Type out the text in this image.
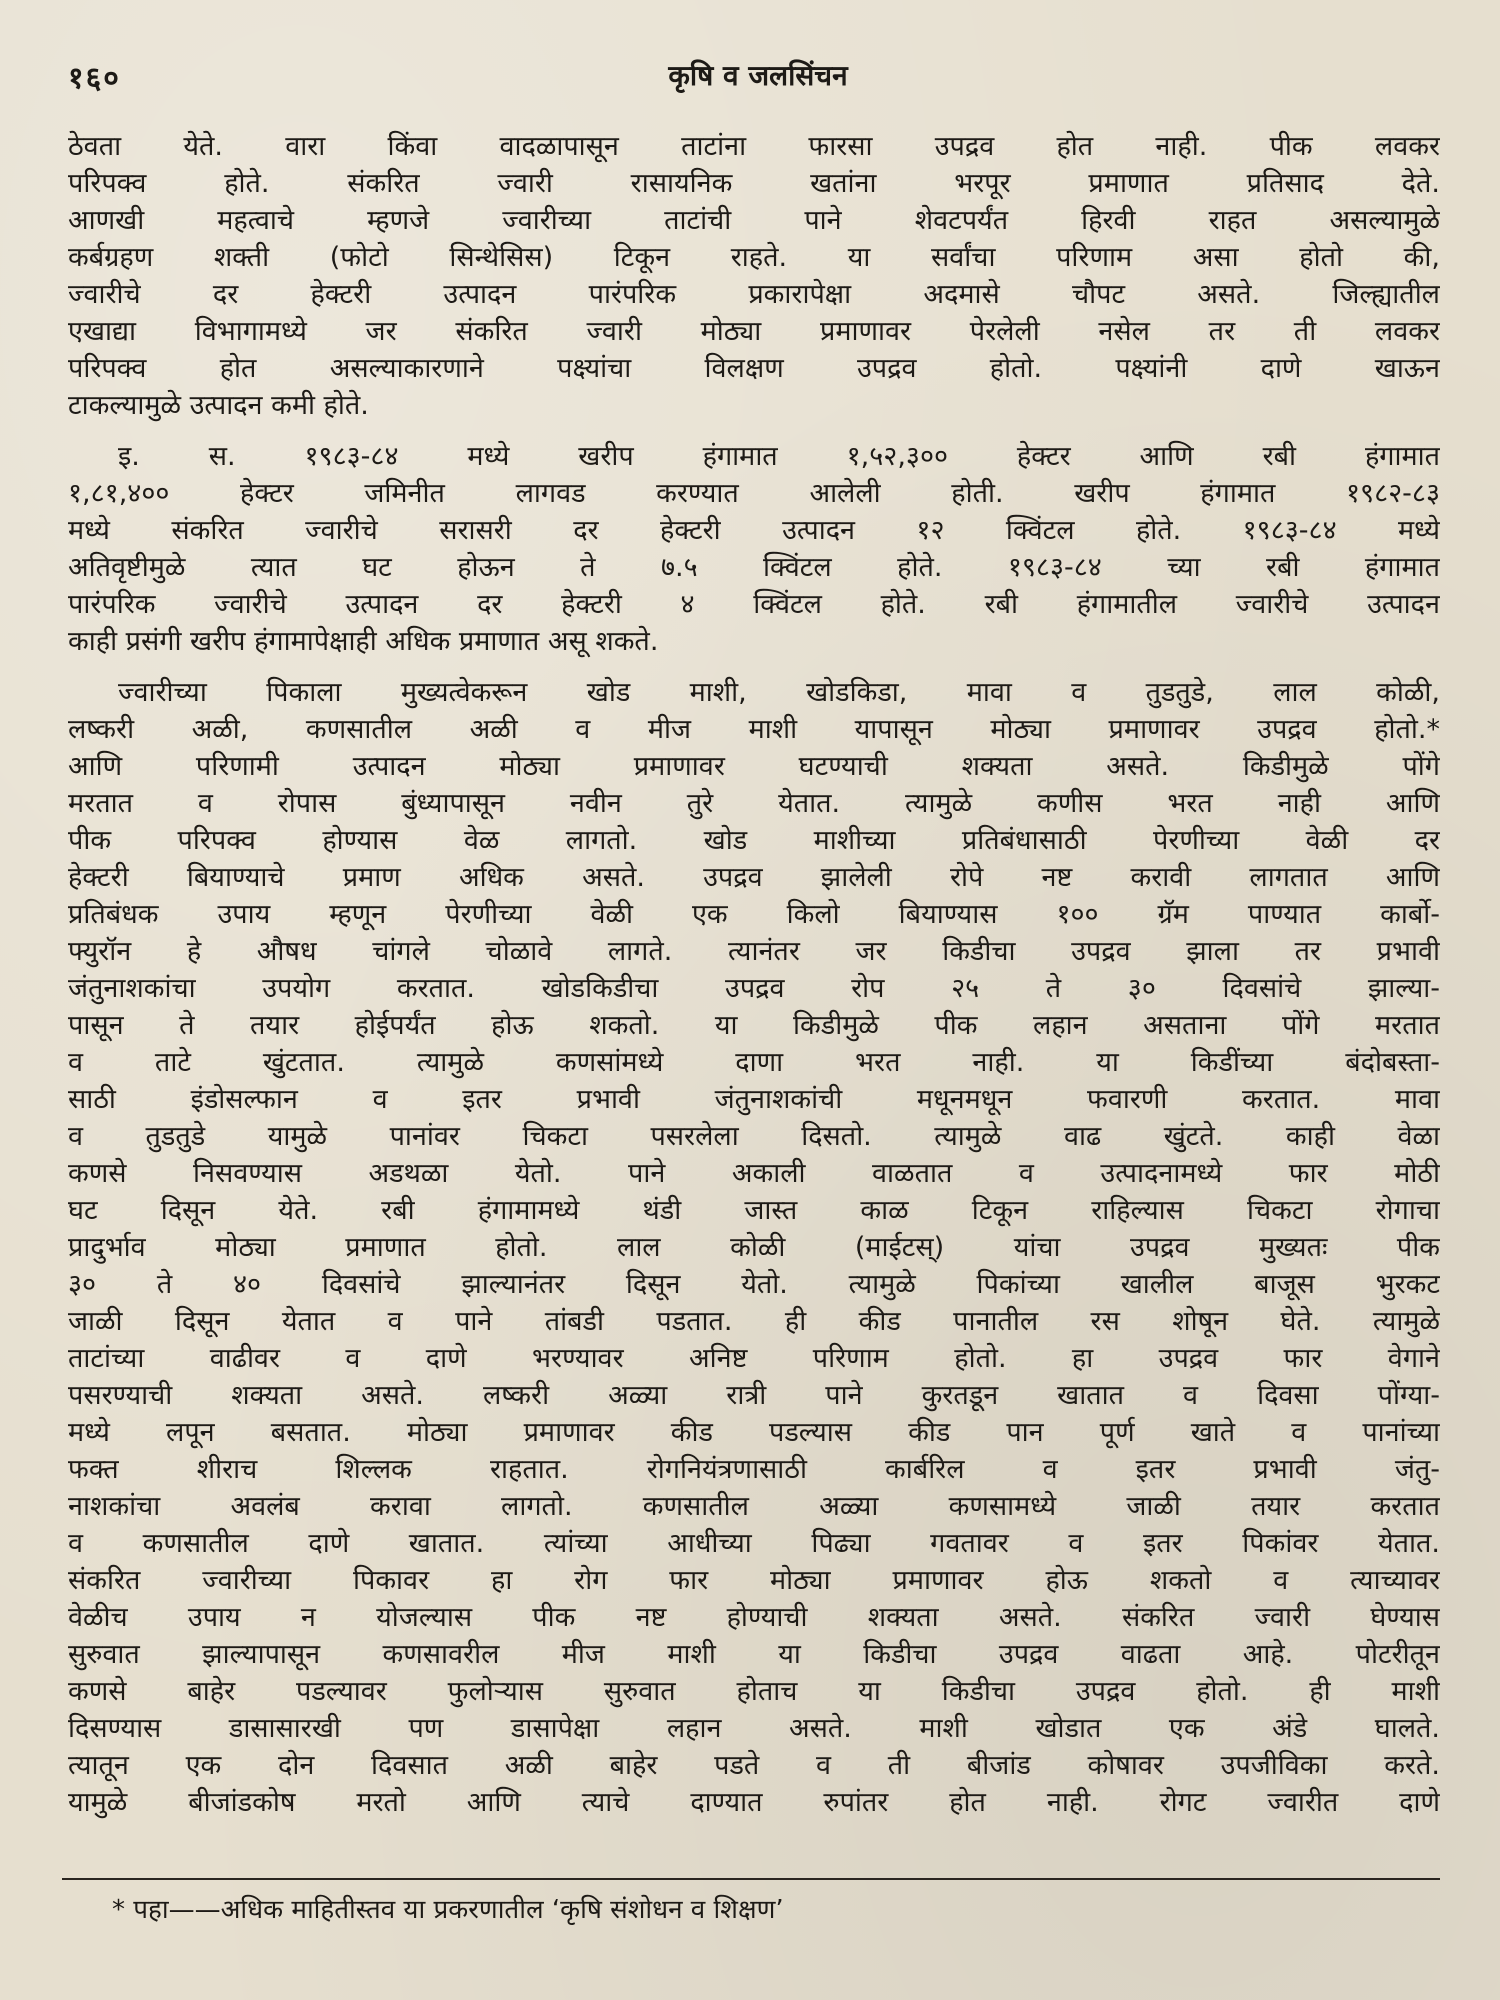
१६०	कृषि व जलसिंचन
ठेवता येते. वारा किंवा वादळापासून ताटांना फारसा उपद्रव होत नाही. पीक लवकर
परिपक्व होते. संकरित ज्वारी रासायनिक खतांना भरपूर प्रमाणात प्रतिसाद देते.
आणखी महत्वाचे म्हणजे ज्वारीच्या ताटांची पाने शेवटपर्यंत हिरवी राहत असल्यामुळे
कर्बग्रहण शक्ती (फोटो सिन्थेसिस) टिकून राहते. या सर्वांचा परिणाम असा होतो की,
ज्वारीचे दर हेक्टरी उत्पादन पारंपरिक प्रकारापेक्षा अदमासे चौपट असते. जिल्ह्यातील
एखाद्या विभागामध्ये जर संकरित ज्वारी मोठ्या प्रमाणावर पेरलेली नसेल तर ती लवकर
परिपक्व होत असल्याकारणाने पक्ष्यांचा विलक्षण उपद्रव होतो. पक्ष्यांनी दाणे खाऊन
टाकल्यामुळे उत्पादन कमी होते.
इ. स. १९८३-८४ मध्ये खरीप हंगामात १,५२,३०० हेक्टर आणि रबी हंगामात
१,८१,४०० हेक्टर जमिनीत लागवड करण्यात आलेली होती. खरीप हंगामात १९८२-८३
मध्ये संकरित ज्वारीचे सरासरी दर हेक्टरी उत्पादन १२ क्विंटल होते. १९८३-८४ मध्ये
अतिवृष्टीमुळे त्यात घट होऊन ते ७.५ क्विंटल होते. १९८३-८४ च्या रबी हंगामात
पारंपरिक ज्वारीचे उत्पादन दर हेक्टरी ४ क्विंटल होते. रबी हंगामातील ज्वारीचे उत्पादन
काही प्रसंगी खरीप हंगामापेक्षाही अधिक प्रमाणात असू शकते.
ज्वारीच्या पिकाला मुख्यत्वेकरून खोड माशी, खोडकिडा, मावा व तुडतुडे, लाल कोळी,
लष्करी अळी, कणसातील अळी व मीज माशी यापासून मोठ्या प्रमाणावर उपद्रव होतो.*
आणि परिणामी उत्पादन मोठ्या प्रमाणावर घटण्याची शक्यता असते. किडीमुळे पोंगे
मरतात व रोपास बुंध्यापासून नवीन तुरे येतात. त्यामुळे कणीस भरत नाही आणि
पीक परिपक्व होण्यास वेळ लागतो. खोड माशीच्या प्रतिबंधासाठी पेरणीच्या वेळी दर
हेक्टरी बियाण्याचे प्रमाण अधिक असते. उपद्रव झालेली रोपे नष्ट करावी लागतात आणि
प्रतिबंधक उपाय म्हणून पेरणीच्या वेळी एक किलो बियाण्यास १०० ग्रॅम पाण्यात कार्बो-
फ्युरॉन हे औषध चांगले चोळावे लागते. त्यानंतर जर किडीचा उपद्रव झाला तर प्रभावी
जंतुनाशकांचा उपयोग करतात. खोडकिडीचा उपद्रव रोप २५ ते ३० दिवसांचे झाल्या-
पासून ते तयार होईपर्यंत होऊ शकतो. या किडीमुळे पीक लहान असताना पोंगे मरतात
व ताटे खुंटतात. त्यामुळे कणसांमध्ये दाणा भरत नाही. या किडींच्या बंदोबस्ता-
साठी इंडोसल्फान व इतर प्रभावी जंतुनाशकांची मधूनमधून फवारणी करतात. मावा
व तुडतुडे यामुळे पानांवर चिकटा पसरलेला दिसतो. त्यामुळे वाढ खुंटते. काही वेळा
कणसे निसवण्यास अडथळा येतो. पाने अकाली वाळतात व उत्पादनामध्ये फार मोठी
घट दिसून येते. रबी हंगामामध्ये थंडी जास्त काळ टिकून राहिल्यास चिकटा रोगाचा
प्रादुर्भाव मोठ्या प्रमाणात होतो. लाल कोळी (माईटस्) यांचा उपद्रव मुख्यतः पीक
३० ते ४० दिवसांचे झाल्यानंतर दिसून येतो. त्यामुळे पिकांच्या खालील बाजूस भुरकट
जाळी दिसून येतात व पाने तांबडी पडतात. ही कीड पानातील रस शोषून घेते. त्यामुळे
ताटांच्या वाढीवर व दाणे भरण्यावर अनिष्ट परिणाम होतो. हा उपद्रव फार वेगाने
पसरण्याची शक्यता असते. लष्करी अळ्या रात्री पाने कुरतडून खातात व दिवसा पोंग्या-
मध्ये लपून बसतात. मोठ्या प्रमाणावर कीड पडल्यास कीड पान पूर्ण खाते व पानांच्या
फक्त शीराच शिल्लक राहतात. रोगनियंत्रणासाठी कार्बरिल व इतर प्रभावी जंतु-
नाशकांचा अवलंब करावा लागतो. कणसातील अळ्या कणसामध्ये जाळी तयार करतात
व कणसातील दाणे खातात. त्यांच्या आधीच्या पिढ्या गवतावर व इतर पिकांवर येतात.
संकरित ज्वारीच्या पिकावर हा रोग फार मोठ्या प्रमाणावर होऊ शकतो व त्याच्यावर
वेळीच उपाय न योजल्यास पीक नष्ट होण्याची शक्यता असते. संकरित ज्वारी घेण्यास
सुरुवात झाल्यापासून कणसावरील मीज माशी या किडीचा उपद्रव वाढता आहे. पोटरीतून
कणसे बाहेर पडल्यावर फुलोऱ्यास सुरुवात होताच या किडीचा उपद्रव होतो. ही माशी
दिसण्यास डासासारखी पण डासापेक्षा लहान असते. माशी खोडात एक अंडे घालते.
त्यातून एक दोन दिवसात अळी बाहेर पडते व ती बीजांड कोषावर उपजीविका करते.
यामुळे बीजांडकोष मरतो आणि त्याचे दाण्यात रुपांतर होत नाही. रोगट ज्वारीत दाणे
* पहा——अधिक माहितीस्तव या प्रकरणातील ‘कृषि संशोधन व शिक्षण’
